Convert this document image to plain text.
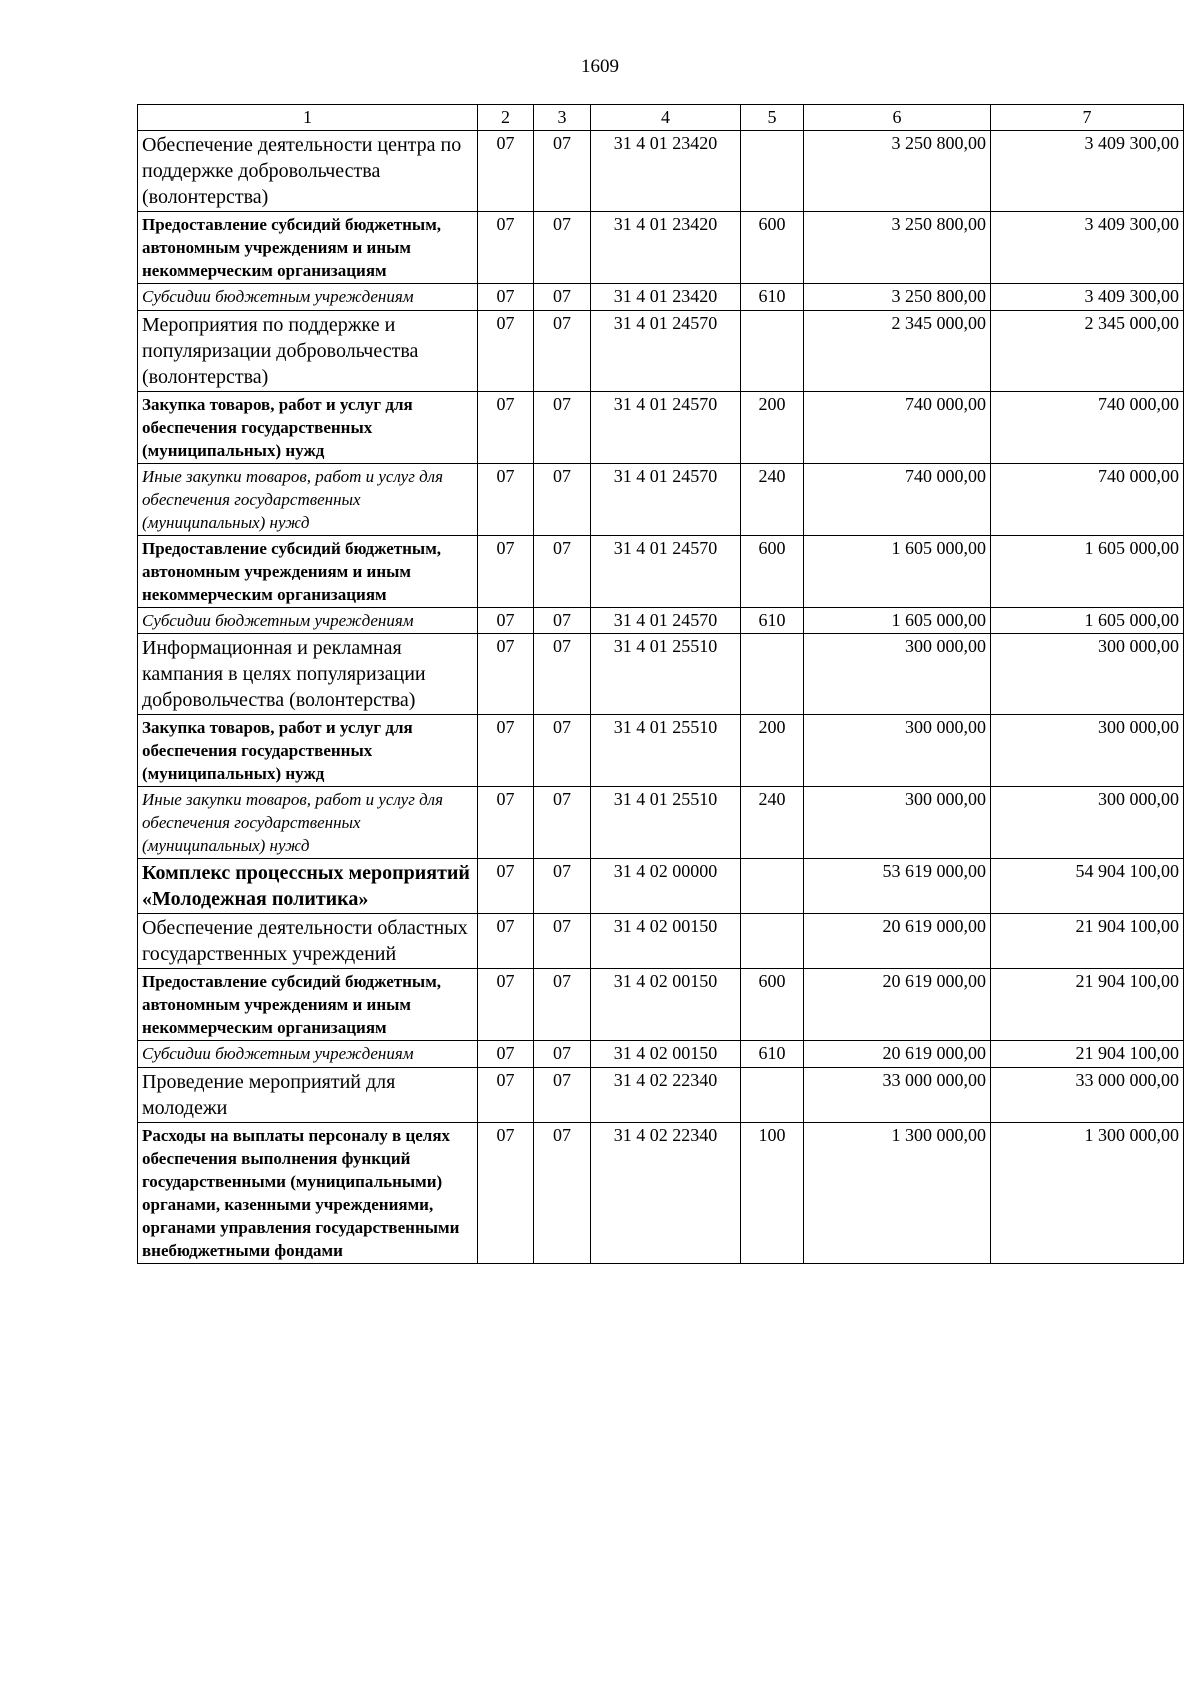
1609
1	2	3	4	5	6	7
Обеспечение деятельности центра по поддержке добровольчества (волонтерства)	07	07	31 4 01 23420		3 250 800,00	3 409 300,00
Предоставление субсидий бюджетным, автономным учреждениям и иным некоммерческим организациям	07	07	31 4 01 23420	600	3 250 800,00	3 409 300,00
Субсидии бюджетным учреждениям	07	07	31 4 01 23420	610	3 250 800,00	3 409 300,00
Мероприятия по поддержке и популяризации добровольчества (волонтерства)	07	07	31 4 01 24570		2 345 000,00	2 345 000,00
Закупка товаров, работ и услуг для обеспечения государственных (муниципальных) нужд	07	07	31 4 01 24570	200	740 000,00	740 000,00
Иные закупки товаров, работ и услуг для обеспечения государственных (муниципальных) нужд	07	07	31 4 01 24570	240	740 000,00	740 000,00
Предоставление субсидий бюджетным, автономным учреждениям и иным некоммерческим организациям	07	07	31 4 01 24570	600	1 605 000,00	1 605 000,00
Субсидии бюджетным учреждениям	07	07	31 4 01 24570	610	1 605 000,00	1 605 000,00
Информационная и рекламная кампания в целях популяризации добровольчества (волонтерства)	07	07	31 4 01 25510		300 000,00	300 000,00
Закупка товаров, работ и услуг для обеспечения государственных (муниципальных) нужд	07	07	31 4 01 25510	200	300 000,00	300 000,00
Иные закупки товаров, работ и услуг для обеспечения государственных (муниципальных) нужд	07	07	31 4 01 25510	240	300 000,00	300 000,00
Комплекс процессных мероприятий «Молодежная политика»	07	07	31 4 02 00000		53 619 000,00	54 904 100,00
Обеспечение деятельности областных государственных учреждений	07	07	31 4 02 00150		20 619 000,00	21 904 100,00
Предоставление субсидий бюджетным, автономным учреждениям и иным некоммерческим организациям	07	07	31 4 02 00150	600	20 619 000,00	21 904 100,00
Субсидии бюджетным учреждениям	07	07	31 4 02 00150	610	20 619 000,00	21 904 100,00
Проведение мероприятий для молодежи	07	07	31 4 02 22340		33 000 000,00	33 000 000,00
Расходы на выплаты персоналу в целях обеспечения выполнения функций государственными (муниципальными) органами, казенными учреждениями, органами управления государственными внебюджетными фондами	07	07	31 4 02 22340	100	1 300 000,00	1 300 000,00
